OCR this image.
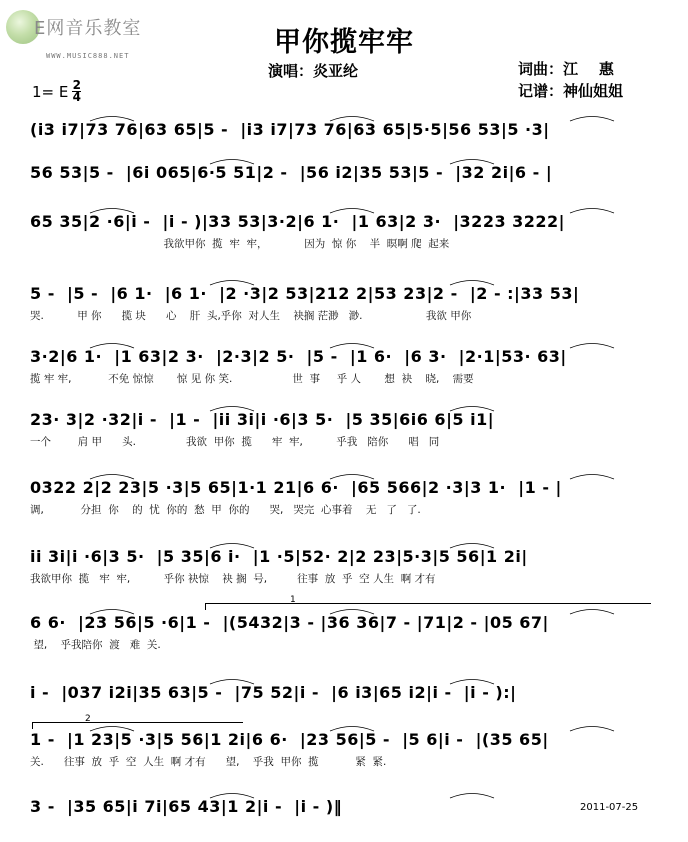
E网音乐教室
WWW.MUSIC888.NET	甲你揽牢牢
演唱：炎亚纶	词曲：江    惠
记谱：神仙姐姐
1= E 2
4
(i3 i7|73 76|63 65|5 -  |i3 i7|73 76|63 65|5·5|56 53|5 ·3|
56 53|5 -  |6i 065|6·5 51|2 -  |56 i2|35 53|5 -  |32 2i|6 - |
65 35|2 ·6|i -  |i - )|33 53|3·2|6 1·  |1 63|2 3·  |3223 3222|
我欲甲你  揽  牢  牢，           因为  惊 你    半  暝啊 爬  起来
5 -  |5 -  |6 1·  |6 1·  |2 ·3|2 53|212 2|53 23|2 -  |2 - :|33 53|
哭.          甲 你      揽 块      心    肝  头,乎你  对人生    袂搁 茫渺   渺.                   我欲 甲你
3·2|6 1·  |1 63|2 3·  |2·3|2 5·  |5 -  |1 6·  |6 3·  |2·1|53· 63|
揽 牢 牢,           不免 惊惊       惊 见 你 笑.                  世  事     乎 人       想  袂    晓,    需要
23· 3|2 ·32|i -  |1 -  |ii 3i|i ·6|3 5·  |5 35|6i6 6|5 i1|
一个        肩 甲      头.               我欲  甲你  揽      牢  牢,          乎我   陪你      唱   同
0322 2|2 23|5 ·3|5 65|1·1 21|6 6·  |65 566|2 ·3|3 1·  |1 - |
调,           分担  你    的  忧  你的  愁  甲  你的      哭,   哭完  心事着    无   了   了.
ii 3i|i ·6|3 5·  |5 35|6 i·  |1 ·5|52· 2|2 23|5·3|5 56|1 2i|
我欲甲你  揽   牢  牢,          乎你 袂惊    袂 搁  号,         往事  放  乎  空 人生  啊 才有
6 6·  |23 56|5 ·6|1 -  |(5432|3 - |36 36|7 - |71|2 - |05 67|
望,    乎我陪你  渡   难  关.
i -  |037 i2i|35 63|5 -  |75 52|i -  |6 i3|65 i2|i -  |i - ):|
1 -  |1 23|5 ·3|5 56|1 2i|6 6·  |23 56|5 -  |5 6|i -  |(35 65|
关.      往事  放  乎  空  人生  啊 才有      望,    乎我  甲你  揽           紧  紧.
3 -  |35 65|i 7i|65 43|1 2|i -  |i - )‖
1
2
2011-07-25
